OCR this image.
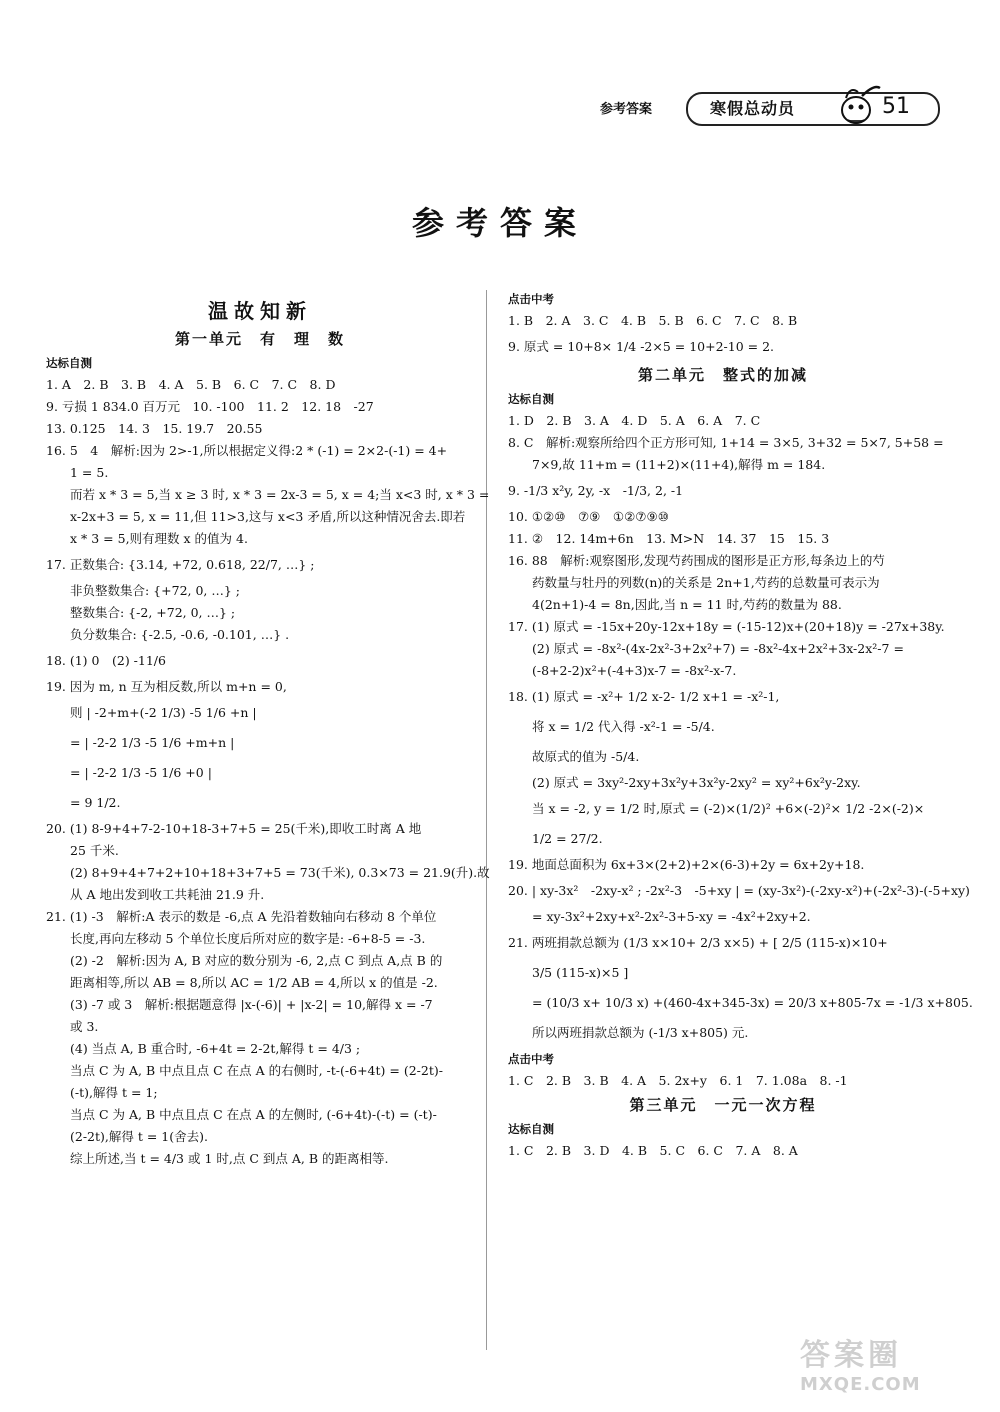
参考答案	寒假总动员	51
参考答案
温故知新
第一单元　有　理　数

达标自测

1. A　2. B　3. B　4. A　5. B　6. C　7. C　8. D

9. 亏损 1 834.0 百万元　10. -100　11. 2　12. 18　-27

13. 0.125　14. 3　15. 19.7　20.55

16. 5　4　解析:因为 2>-1,所以根据定义得:2 * (-1) = 2×2-(-1) = 4+

1 = 5.

而若 x * 3 = 5,当 x ≥ 3 时, x * 3 = 2x-3 = 5, x = 4;当 x<3 时, x * 3 =

x-2x+3 = 5, x = 11,但 11>3,这与 x<3 矛盾,所以这种情况舍去.即若

x * 3 = 5,则有理数 x 的值为 4.

17. 正数集合: {3.14, +72, 0.618, 22/7, …} ;

非负整数集合: {+72, 0, …} ;

整数集合: {-2, +72, 0, …} ;

负分数集合: {-2.5, -0.6, -0.101, …} .

18. (1) 0　(2) -11/6

19. 因为 m, n 互为相反数,所以 m+n = 0,

则 | -2+m+(-2 1/3) -5 1/6 +n |

= | -2-2 1/3 -5 1/6 +m+n |

= | -2-2 1/3 -5 1/6 +0 |

= 9 1/2.

20. (1) 8-9+4+7-2-10+18-3+7+5 = 25(千米),即收工时离 A 地

25 千米.

(2) 8+9+4+7+2+10+18+3+7+5 = 73(千米), 0.3×73 = 21.9(升).故

从 A 地出发到收工共耗油 21.9 升.

21. (1) -3　解析:A 表示的数是 -6,点 A 先沿着数轴向右移动 8 个单位

长度,再向左移动 5 个单位长度后所对应的数字是: -6+8-5 = -3.

(2) -2　解析:因为 A, B 对应的数分别为 -6, 2,点 C 到点 A,点 B 的

距离相等,所以 AB = 8,所以 AC = 1/2 AB = 4,所以 x 的值是 -2.

(3) -7 或 3　解析:根据题意得 |x-(-6)| + |x-2| = 10,解得 x = -7

或 3.

(4) 当点 A, B 重合时, -6+4t = 2-2t,解得 t = 4/3 ;

当点 C 为 A, B 中点且点 C 在点 A 的右侧时, -t-(-6+4t) = (2-2t)-

(-t),解得 t = 1;

当点 C 为 A, B 中点且点 C 在点 A 的左侧时, (-6+4t)-(-t) = (-t)-

(2-2t),解得 t = 1(舍去).

综上所述,当 t = 4/3 或 1 时,点 C 到点 A, B 的距离相等.

点击中考

1. B　2. A　3. C　4. B　5. B　6. C　7. C　8. B

9. 原式 = 10+8× 1/4 -2×5 = 10+2-10 = 2.

第二单元　整式的加减

达标自测

1. D　2. B　3. A　4. D　5. A　6. A　7. C

8. C　解析:观察所给四个正方形可知, 1+14 = 3×5, 3+32 = 5×7, 5+58 =

7×9,故 11+m = (11+2)×(11+4),解得 m = 184.

9. -1/3 x²y, 2y, -x　-1/3, 2, -1

10. ①②⑩　⑦⑨　①②⑦⑨⑩

11. ②　12. 14m+6n　13. M>N　14. 37　15　15. 3

16. 88　解析:观察图形,发现芍药围成的图形是正方形,每条边上的芍

药数量与牡丹的列数(n)的关系是 2n+1,芍药的总数量可表示为

4(2n+1)-4 = 8n,因此,当 n = 11 时,芍药的数量为 88.

17. (1) 原式 = -15x+20y-12x+18y = (-15-12)x+(20+18)y = -27x+38y.

(2) 原式 = -8x²-(4x-2x²-3+2x²+7) = -8x²-4x+2x²+3x-2x²-7 =

(-8+2-2)x²+(-4+3)x-7 = -8x²-x-7.

18. (1) 原式 = -x²+ 1/2 x-2- 1/2 x+1 = -x²-1,

将 x = 1/2 代入得 -x²-1 = -5/4.

故原式的值为 -5/4.

(2) 原式 = 3xy²-2xy+3x²y+3x²y-2xy² = xy²+6x²y-2xy.

当 x = -2, y = 1/2 时,原式 = (-2)×(1/2)² +6×(-2)²× 1/2 -2×(-2)×

1/2 = 27/2.

19. 地面总面积为 6x+3×(2+2)+2×(6-3)+2y = 6x+2y+18.

20. | xy-3x²　-2xy-x² ; -2x²-3　-5+xy | = (xy-3x²)-(-2xy-x²)+(-2x²-3)-(-5+xy)

= xy-3x²+2xy+x²-2x²-3+5-xy = -4x²+2xy+2.

21. 两班捐款总额为 (1/3 x×10+ 2/3 x×5) + [ 2/5 (115-x)×10+

3/5 (115-x)×5 ]

= (10/3 x+ 10/3 x) +(460-4x+345-3x) = 20/3 x+805-7x = -1/3 x+805.

所以两班捐款总额为 (-1/3 x+805) 元.

点击中考

1. C　2. B　3. B　4. A　5. 2x+y　6. 1　7. 1.08a　8. -1

第三单元　一元一次方程

达标自测

1. C　2. B　3. D　4. B　5. C　6. C　7. A　8. A

答案圈
MXQE.COM
